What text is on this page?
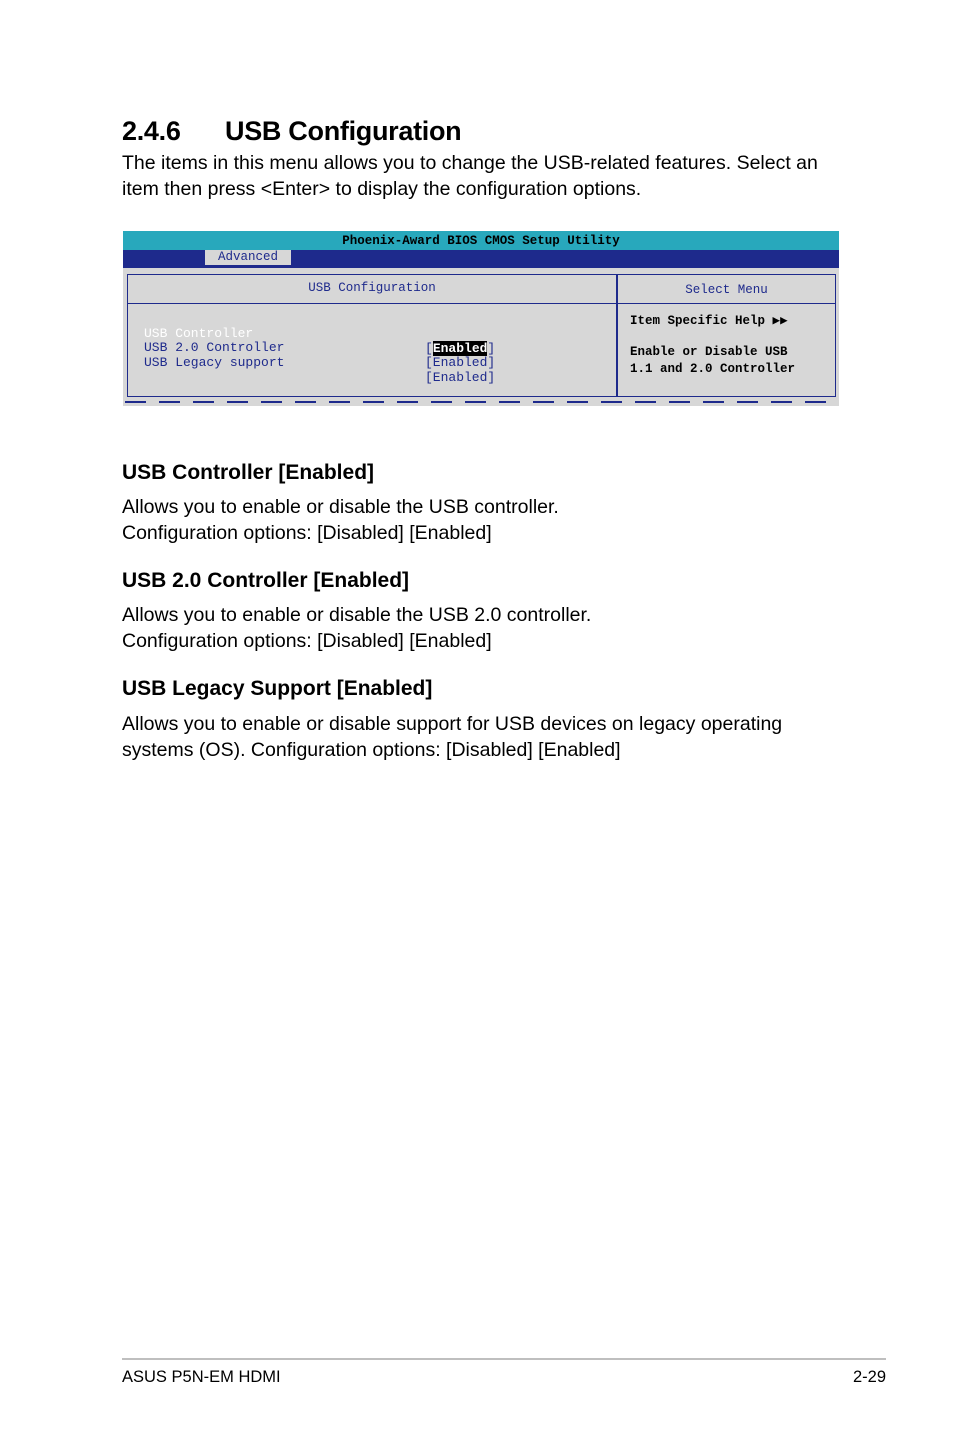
2.4.6 USB Configuration
The items in this menu allows you to change the USB-related features. Select an
item then press <Enter> to display the configuration options.
Phoenix-Award BIOS CMOS Setup Utility
Advanced
USB Configuration

USB Controller

[Enabled]

USB 2.0 Controller

[Enabled]

USB Legacy support

[Enabled]

Select Menu
Item Specific Help ▶▶
Enable or Disable USB
1.1 and 2.0 Controller
USB Controller [Enabled]
Allows you to enable or disable the USB controller.
Configuration options: [Disabled] [Enabled]
USB 2.0 Controller [Enabled]
Allows you to enable or disable the USB 2.0 controller.
Configuration options: [Disabled] [Enabled]
USB Legacy Support [Enabled]
Allows you to enable or disable support for USB devices on legacy operating
systems (OS). Configuration options: [Disabled] [Enabled]
ASUS P5N-EM HDMI	2-29
